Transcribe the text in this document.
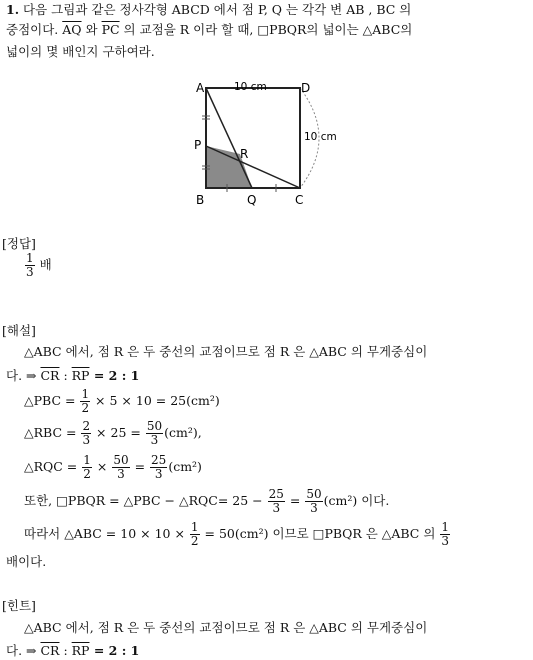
1. 다음 그림과 같은 정사각형 ABCD 에서 점 P, Q 는 각각 변 AB , BC 의
중점이다. $\overline{AQ}$ 와 $\overline{PC}$ 의 교점을 R 이라 할 때, □PBQR의 넓이는 △ABC의
넓이의 몇 배인지 구하여라.
A	D
P
R
B	Q	C
10 cm
10 cm
[정답]
$\frac{1}{3}$ 배
[해설]
△ABC 에서, 점 R 은 두 중선의 교점이므로 점 R 은 △ABC 의 무게중심이
다. ⇒ $\overline{CR}$ : $\overline{RP} = 2$ : 1
△PBC = $\frac{1}{2} \times 5 \times 10 = 25(cm^2)$
△RBC = $\frac{2}{3} \times 25 = \frac{50}{3} (cm^2)$,
△RQC = $\frac{1}{2} \times \frac{50}{3} = \frac{25}{3} (cm^2)$
또한, □PBQR = △PBC − △RQC= $25 - \frac{25}{3} = \frac{50}{3} (cm^2)$ 이다.
따라서 △ABC = $10 \times 10 \times \frac{1}{2} = 50(cm^2)$ 이므로 □PBQR 은 △ABC 의 $\frac{1}{3}$
배이다.
[힌트]
△ABC 에서, 점 R 은 두 중선의 교점이므로 점 R 은 △ABC 의 무게중심이
다. ⇒ $\overline{CR}$ : $\overline{RP} = 2$ : 1
